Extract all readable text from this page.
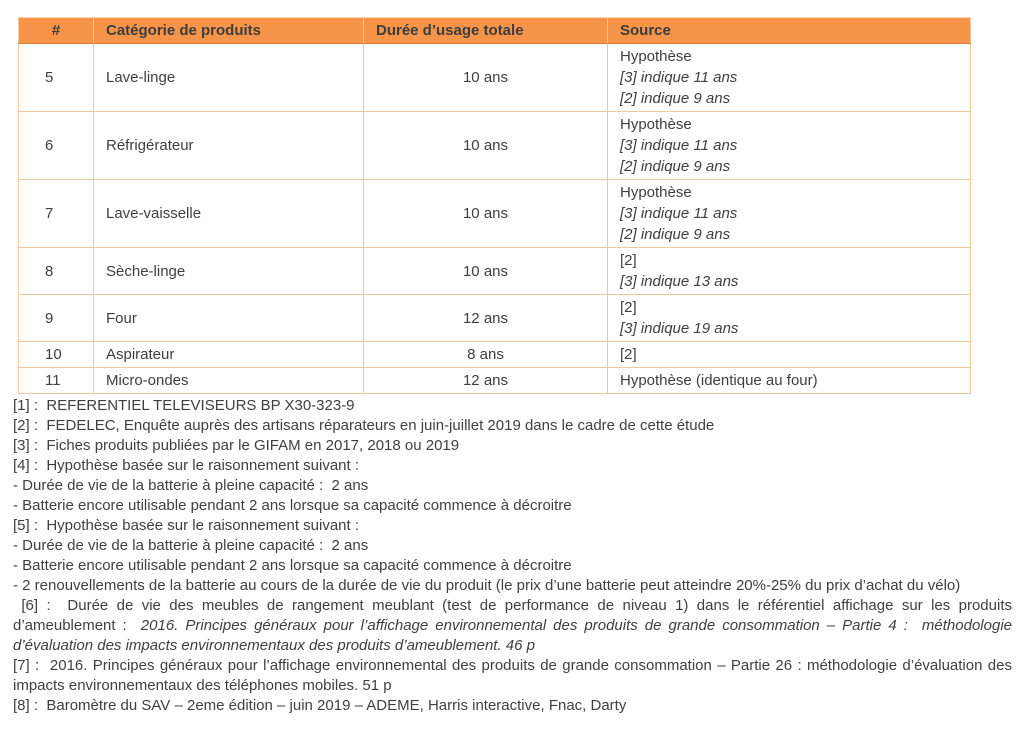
#	Catégorie de produits	Durée d’usage totale	Source
5	Lave-linge	10 ans	Hypothèse
[3] indique 11 ans
[2] indique 9 ans

6	Réfrigérateur	10 ans	Hypothèse
[3] indique 11 ans
[2] indique 9 ans

7	Lave-vaisselle	10 ans	Hypothèse
[3] indique 11 ans
[2] indique 9 ans

8	Sèche-linge	10 ans	[2]
[3] indique 13 ans

9	Four	12 ans	[2]
[3] indique 19 ans

10	Aspirateur	8 ans	[2]

11	Micro-ondes	12 ans	Hypothèse (identique au four)
[1] :  REFERENTIEL TELEVISEURS BP X30-323-9
[2] :  FEDELEC, Enquête auprès des artisans réparateurs en juin-juillet 2019 dans le cadre de cette étude
[3] :  Fiches produits publiées par le GIFAM en 2017, 2018 ou 2019
[4] :  Hypothèse basée sur le raisonnement suivant :
- Durée de vie de la batterie à pleine capacité :  2 ans
- Batterie encore utilisable pendant 2 ans lorsque sa capacité commence à décroitre
[5] :  Hypothèse basée sur le raisonnement suivant :
- Durée de vie de la batterie à pleine capacité :  2 ans
- Batterie encore utilisable pendant 2 ans lorsque sa capacité commence à décroitre
- 2 renouvellements de la batterie au cours de la durée de vie du produit (le prix d’une batterie peut atteindre 20%-25% du prix d’achat du vélo)
[6] :  Durée de vie des meubles de rangement meublant (test de performance de niveau 1) dans le référentiel affichage sur les produits d’ameublement :  2016. Principes généraux pour l’affichage environnemental des produits de grande consommation – Partie 4 :  méthodologie d’évaluation des impacts environnementaux des produits d’ameublement. 46 p
[7] :  2016. Principes généraux pour l’affichage environnemental des produits de grande consommation – Partie 26 : méthodologie d’évaluation des impacts environnementaux des téléphones mobiles. 51 p
[8] :  Baromètre du SAV – 2eme édition – juin 2019 – ADEME, Harris interactive, Fnac, Darty
